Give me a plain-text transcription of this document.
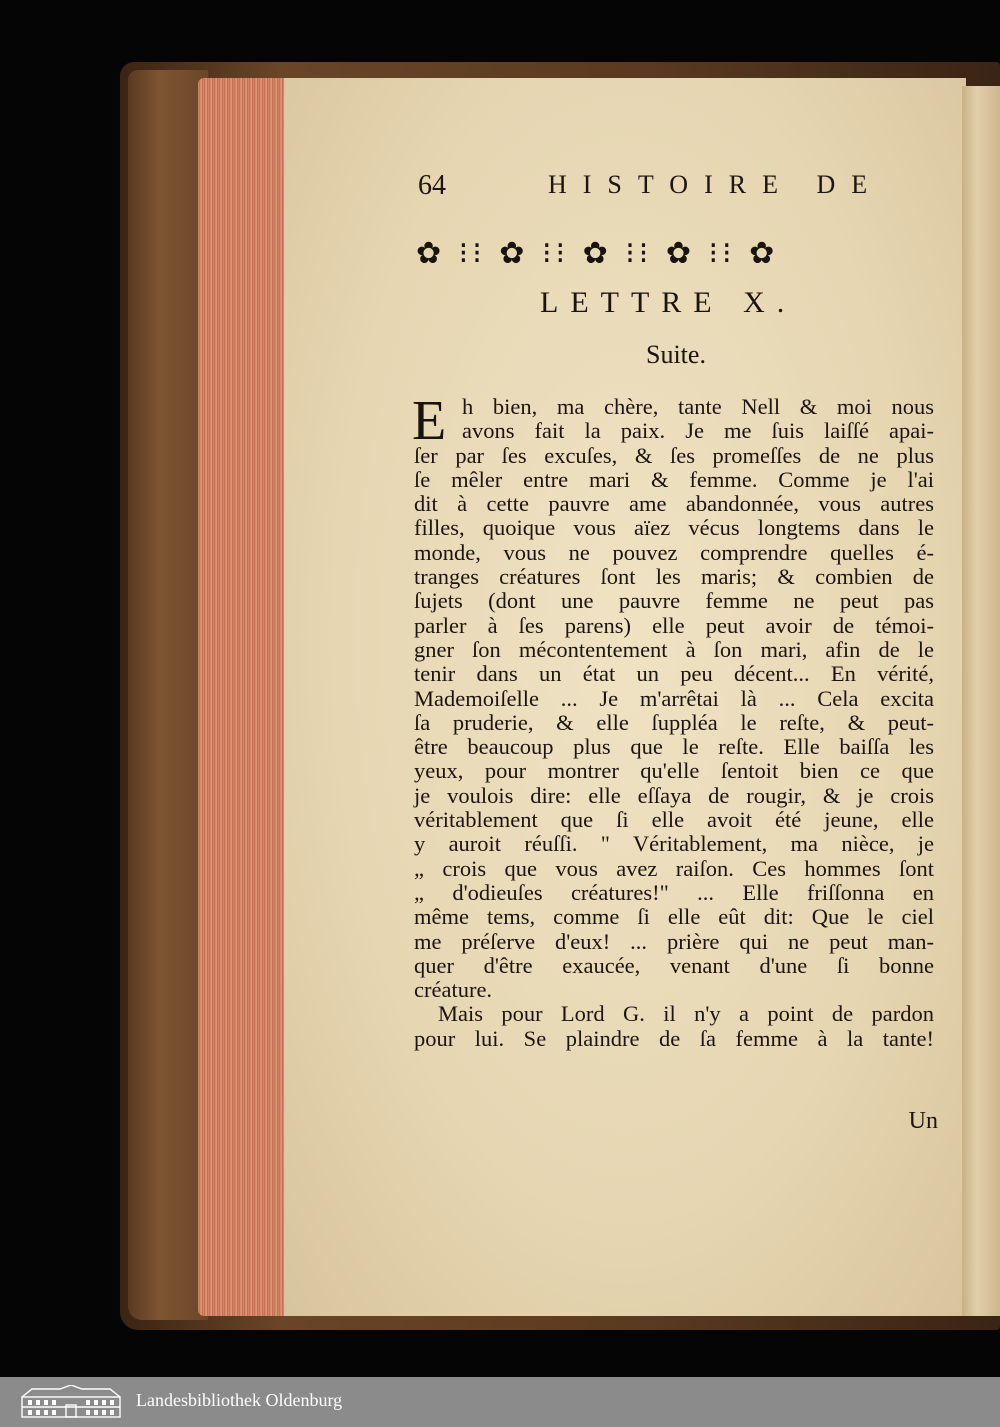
64	HISTOIRE DE
✿ ⁝⁝ ✿ ⁝⁝ ✿ ⁝⁝ ✿ ⁝⁝ ✿
LETTRE X.
Suite.
E h bien, ma chère, tante Nell & moi nous
avons fait la paix. Je me ſuis laiſſé apai-
ſer par ſes excuſes, & ſes promeſſes de ne plus
ſe mêler entre mari & femme. Comme je l'ai
dit à cette pauvre ame abandonnée, vous autres
filles, quoique vous aïez vécus longtems dans le
monde, vous ne pouvez comprendre quelles é-
tranges créatures ſont les maris; & combien de
ſujets (dont une pauvre femme ne peut pas
parler à ſes parens) elle peut avoir de témoi-
gner ſon mécontentement à ſon mari, afin de le
tenir dans un état un peu décent... En vérité,
Mademoiſelle ... Je m'arrêtai là ... Cela excita
ſa pruderie, & elle ſuppléa le reſte, & peut-
être beaucoup plus que le reſte. Elle baiſſa les
yeux, pour montrer qu'elle ſentoit bien ce que
je voulois dire: elle eſſaya de rougir, & je crois
véritablement que ſi elle avoit été jeune, elle
y auroit réuſſi. " Véritablement, ma nièce, je
„ crois que vous avez raiſon. Ces hommes ſont
„ d'odieuſes créatures!" ... Elle friſſonna en
même tems, comme ſi elle eût dit: Que le ciel
me préſerve d'eux! ... prière qui ne peut man-
quer d'être exaucée, venant d'une ſi bonne
créature.
Mais pour Lord G. il n'y a point de pardon
pour lui. Se plaindre de ſa femme à la tante!
Un
Landesbibliothek Oldenburg
